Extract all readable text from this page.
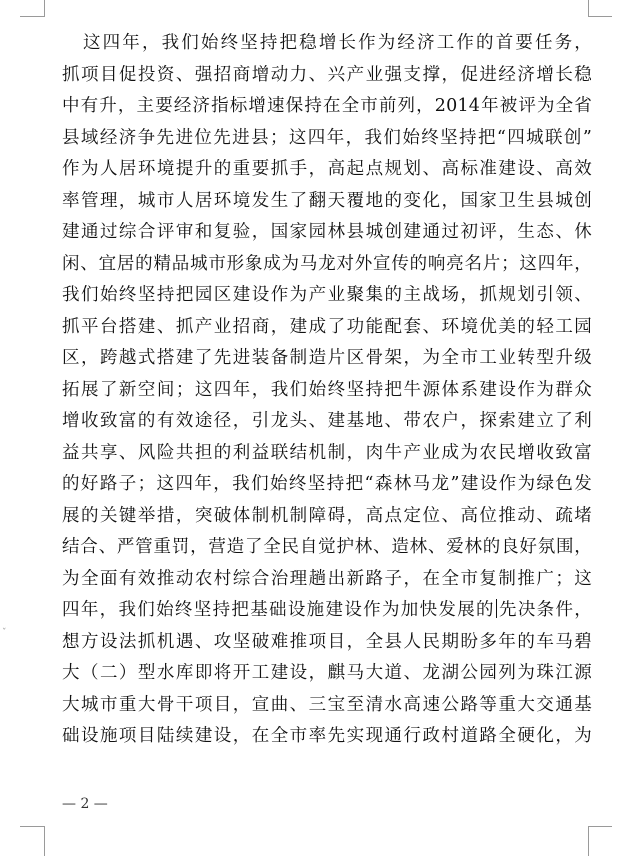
ˇ
这四年，我们始终坚持把稳增长作为经济工作的首要任务，
抓项目促投资、强招商增动力、兴产业强支撑，促进经济增长稳
中有升，主要经济指标增速保持在全市前列，2014年被评为全省
县域经济争先进位先进县；这四年，我们始终坚持把“四城联创”
作为人居环境提升的重要抓手，高起点规划、高标准建设、高效
率管理，城市人居环境发生了翻天覆地的变化，国家卫生县城创
建通过综合评审和复验，国家园林县城创建通过初评，生态、休
闲、宜居的精品城市形象成为马龙对外宣传的响亮名片；这四年，
我们始终坚持把园区建设作为产业聚集的主战场，抓规划引领、
抓平台搭建、抓产业招商，建成了功能配套、环境优美的轻工园
区，跨越式搭建了先进装备制造片区骨架，为全市工业转型升级
拓展了新空间；这四年，我们始终坚持把牛源体系建设作为群众
增收致富的有效途径，引龙头、建基地、带农户，探索建立了利
益共享、风险共担的利益联结机制，肉牛产业成为农民增收致富
的好路子；这四年，我们始终坚持把“森林马龙”建设作为绿色发
展的关键举措，突破体制机制障碍，高点定位、高位推动、疏堵
结合、严管重罚，营造了全民自觉护林、造林、爱林的良好氛围，
为全面有效推动农村综合治理趟出新路子，在全市复制推广；这
四年，我们始终坚持把基础设施建设作为加快发展的 先决条件，
想方设法抓机遇、攻坚破难推项目，全县人民期盼多年的车马碧
大（二）型水库即将开工建设，麒马大道、龙湖公园列为珠江源
大城市重大骨干项目，宣曲、三宝至清水高速公路等重大交通基
础设施项目陆续建设，在全市率先实现通行政村道路全硬化，为
— 2 —
